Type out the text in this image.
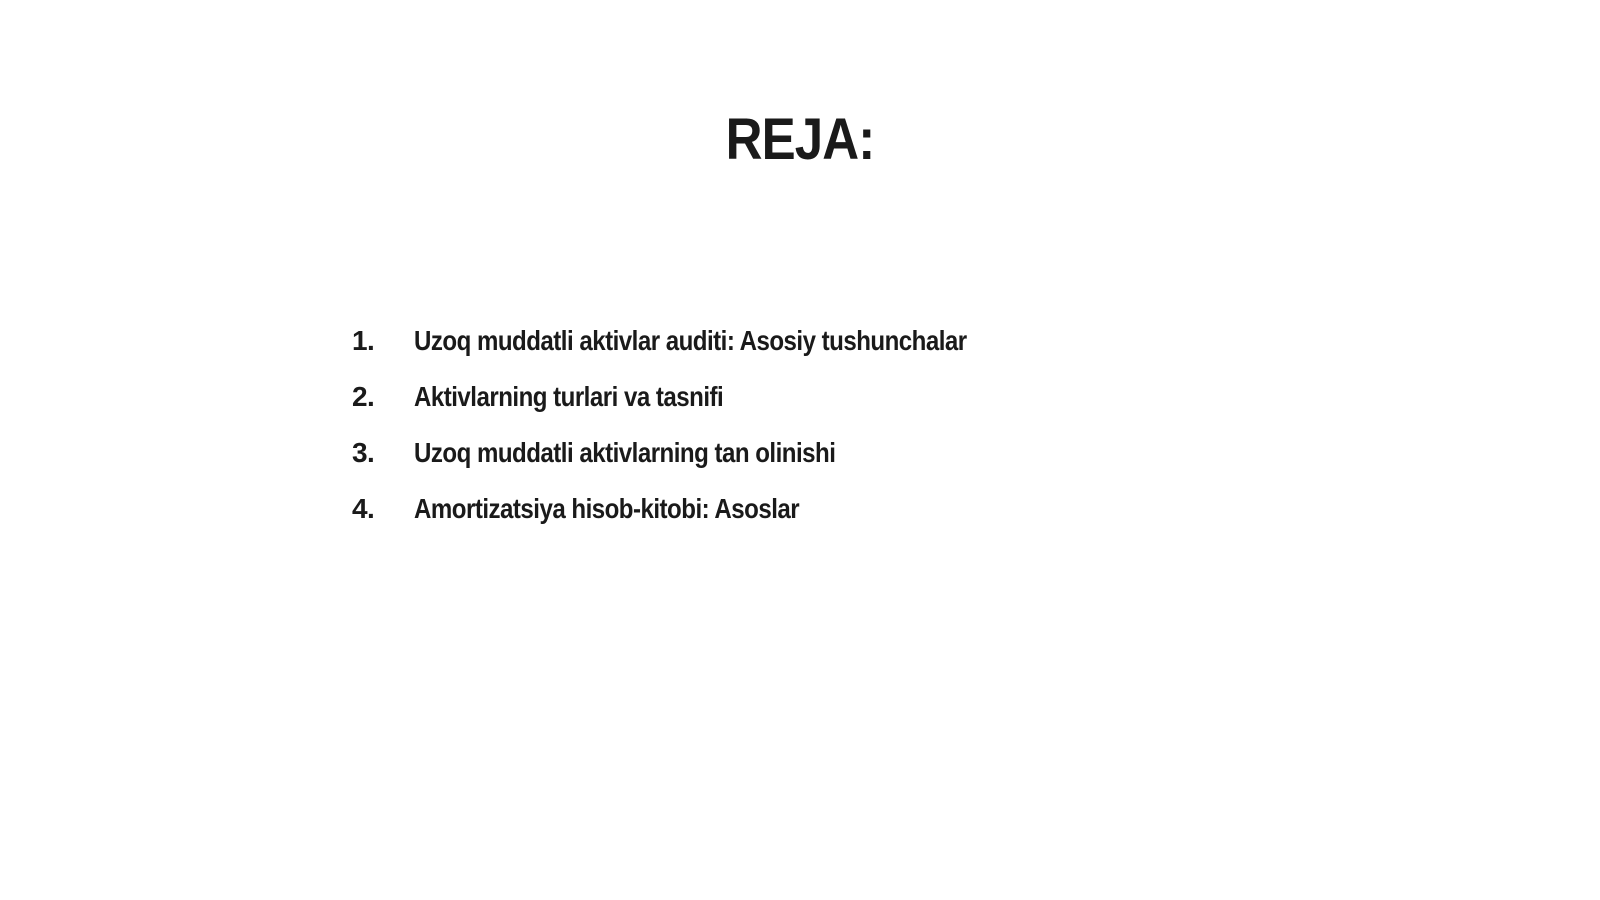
REJA:
1.	Uzoq muddatli aktivlar auditi: Asosiy tushunchalar
2.	Aktivlarning turlari va tasnifi
3.	Uzoq muddatli aktivlarning tan olinishi
4.	Amortizatsiya hisob-kitobi: Asoslar
